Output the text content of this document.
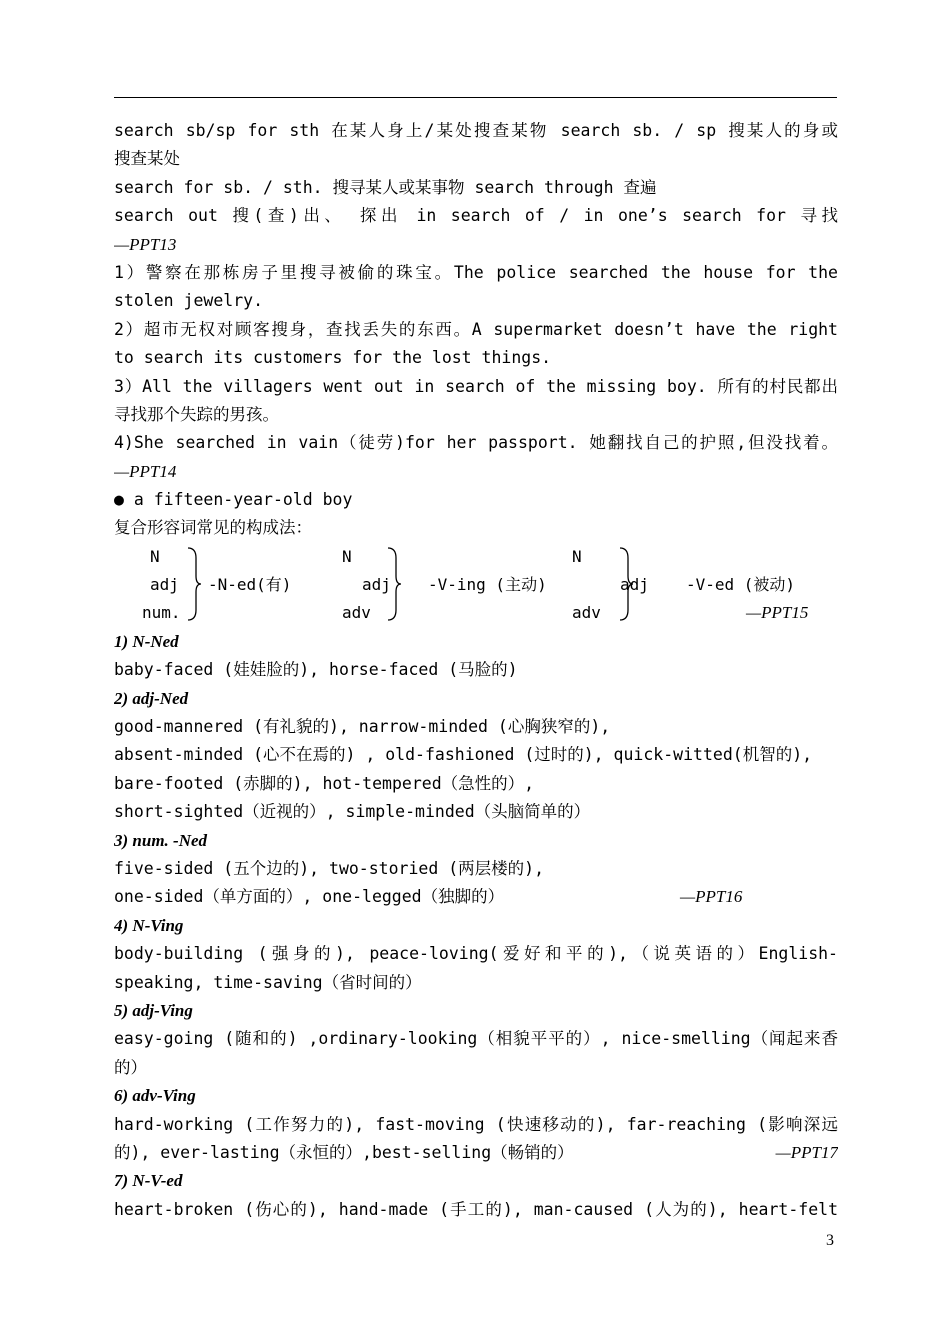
search sb/sp for sth 在某人身上/某处搜查某物 search sb. / sp 搜某人的身或
搜查某处
search for sb. / sth. 搜寻某人或某事物 search through 查遍
search out 搜(查)出、 探出 in search of / in one’s search for 寻找
—PPT13
1）警察在那栋房子里搜寻被偷的珠宝。The police searched the house for the
stolen jewelry.
2）超市无权对顾客搜身，查找丢失的东西。A supermarket doesn’t have the right
to search its customers for the lost things.
3）All the villagers went out in search of the missing boy. 所有的村民都出
寻找那个失踪的男孩。
4)She searched in vain（徒劳)for her passport. 她翻找自己的护照,但没找着。
—PPT14
● a fifteen-year-old boy
复合形容词常见的构成法：
N
adj
num.
-N-ed(有)
N
adj
adv
-V-ing (主动)
N
adj
adv
-V-ed (被动)
—PPT15
1) N-Ned
baby-faced (娃娃脸的), horse-faced (马脸的)
2) adj-Ned
good-mannered (有礼貌的), narrow-minded (心胸狭窄的),
absent-minded (心不在焉的) , old-fashioned (过时的), quick-witted(机智的),
bare-footed (赤脚的), hot-tempered（急性的）,
short-sighted（近视的）, simple-minded（头脑简单的）
3) num. -Ned
five-sided (五个边的), two-storied (两层楼的),
one-sided（单方面的）, one-legged（独脚的）	—PPT16
4) N-Ving
body-building (强身的), peace-loving(爱好和平的),（说英语的）English-
speaking, time-saving（省时间的）
5) adj-Ving
easy-going (随和的) ,ordinary-looking（相貌平平的）, nice-smelling（闻起来香
的）
6) adv-Ving
hard-working (工作努力的), fast-moving (快速移动的), far-reaching (影响深远
的), ever-lasting（永恒的）,best-selling（畅销的）	—PPT17
7) N-V-ed
heart-broken (伤心的), hand-made (手工的), man-caused (人为的), heart-felt
3
